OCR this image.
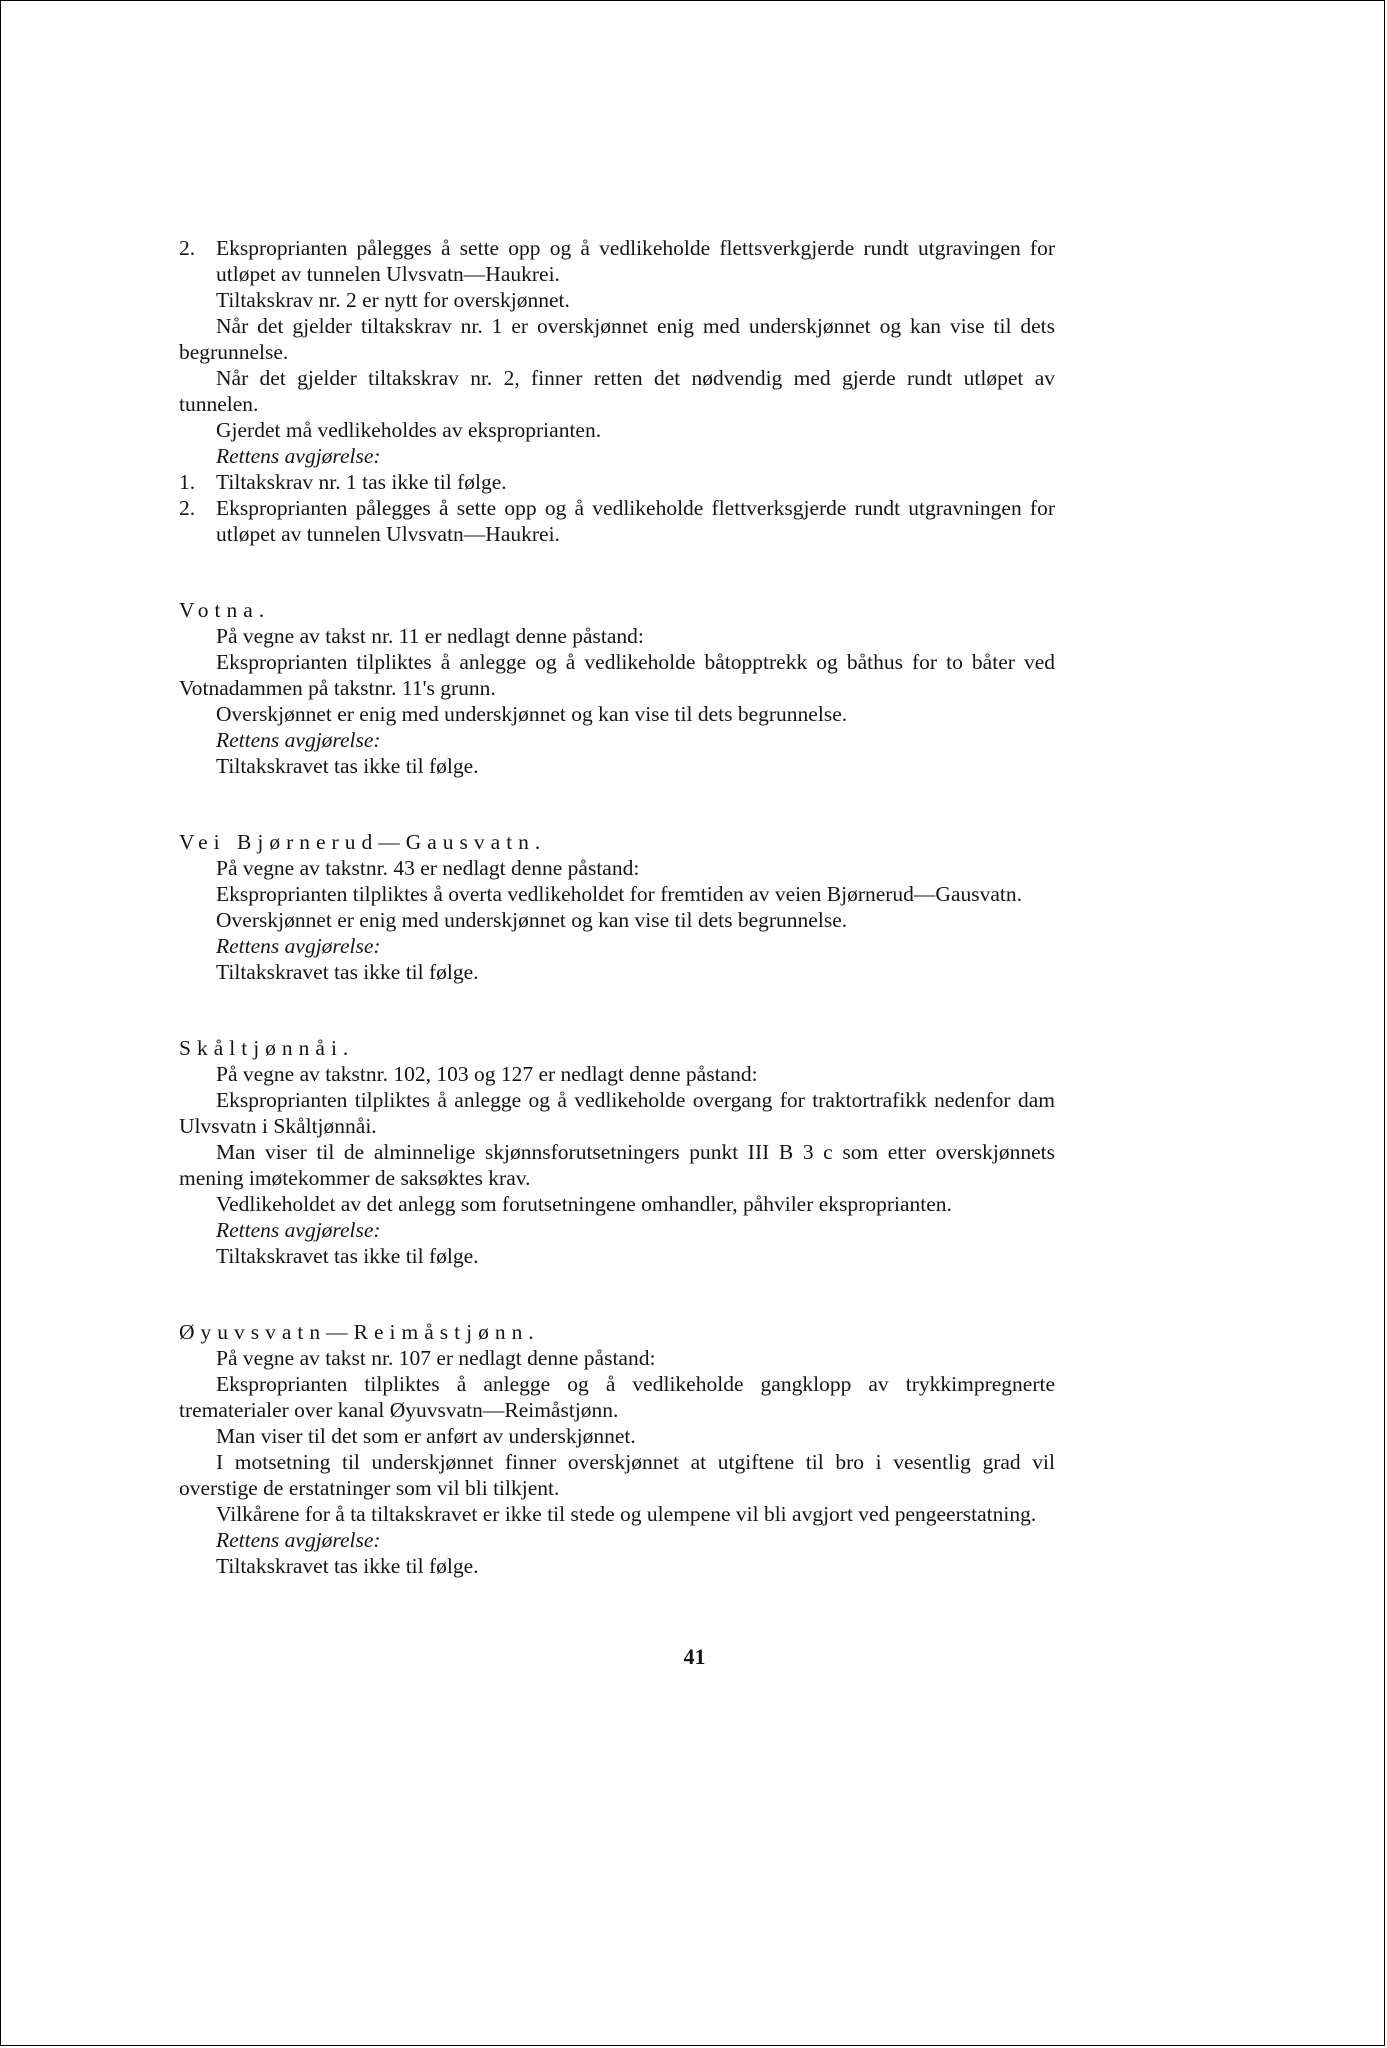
2. Eksproprianten pålegges å sette opp og å vedlikeholde flettsverkgjerde rundt utgravingen for utløpet av tunnelen Ulvsvatn—Haukrei.

Tiltakskrav nr. 2 er nytt for overskjønnet.

Når det gjelder tiltakskrav nr. 1 er overskjønnet enig med underskjønnet og kan vise til dets begrunnelse.

Når det gjelder tiltakskrav nr. 2, finner retten det nødvendig med gjerde rundt utløpet av tunnelen.

Gjerdet må vedlikeholdes av eksproprianten.

Rettens avgjørelse:

1. Tiltakskrav nr. 1 tas ikke til følge.

2. Eksproprianten pålegges å sette opp og å vedlikeholde flettverksgjerde rundt utgravningen for utløpet av tunnelen Ulvsvatn—Haukrei.

Votna.

På vegne av takst nr. 11 er nedlagt denne påstand:

Eksproprianten tilpliktes å anlegge og å vedlikeholde båtopptrekk og båthus for to båter ved Votnadammen på takstnr. 11's grunn.

Overskjønnet er enig med underskjønnet og kan vise til dets begrunnelse.

Rettens avgjørelse:

Tiltakskravet tas ikke til følge.

Vei Bjørnerud—Gausvatn.

På vegne av takstnr. 43 er nedlagt denne påstand:

Eksproprianten tilpliktes å overta vedlikeholdet for fremtiden av veien Bjørnerud—Gausvatn.

Overskjønnet er enig med underskjønnet og kan vise til dets begrunnelse.

Rettens avgjørelse:

Tiltakskravet tas ikke til følge.

Skåltjønnåi.

På vegne av takstnr. 102, 103 og 127 er nedlagt denne påstand:

Eksproprianten tilpliktes å anlegge og å vedlikeholde overgang for traktortrafikk nedenfor dam Ulvsvatn i Skåltjønnåi.

Man viser til de alminnelige skjønnsforutsetningers punkt III B 3 c som etter overskjønnets mening imøtekommer de saksøktes krav.

Vedlikeholdet av det anlegg som forutsetningene omhandler, påhviler eksproprianten.

Rettens avgjørelse:

Tiltakskravet tas ikke til følge.

Øyuvsvatn—Reimåstjønn.

På vegne av takst nr. 107 er nedlagt denne påstand:

Eksproprianten tilpliktes å anlegge og å vedlikeholde gangklopp av trykkimpregnerte trematerialer over kanal Øyuvsvatn—Reimåstjønn.

Man viser til det som er anført av underskjønnet.

I motsetning til underskjønnet finner overskjønnet at utgiftene til bro i vesentlig grad vil overstige de erstatninger som vil bli tilkjent.

Vilkårene for å ta tiltakskravet er ikke til stede og ulempene vil bli avgjort ved pengeerstatning.

Rettens avgjørelse:

Tiltakskravet tas ikke til følge.

41
